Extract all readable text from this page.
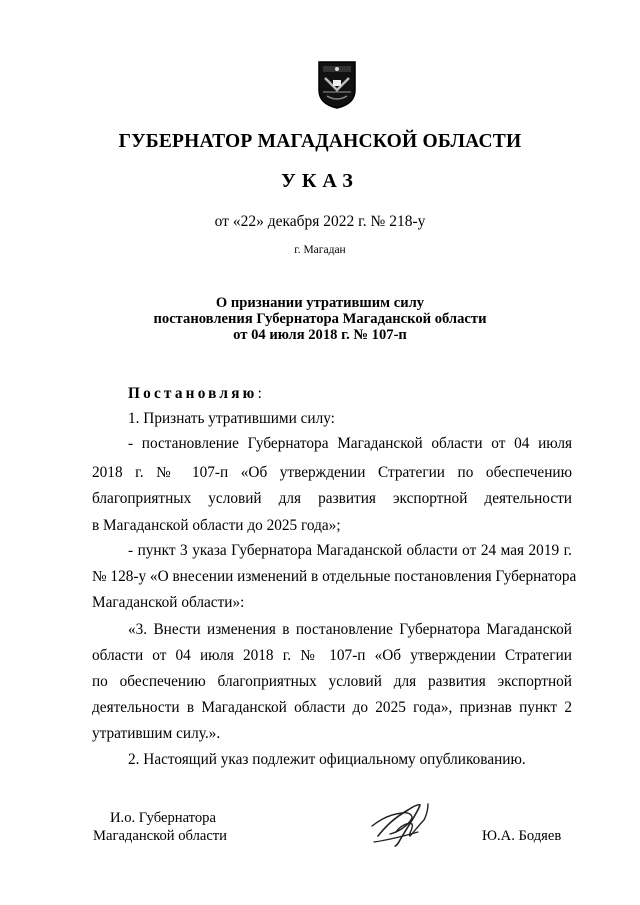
ГУБЕРНАТОР МАГАДАНСКОЙ ОБЛАСТИ
УКАЗ
от «22» декабря 2022 г. № 218-у
г. Магадан
О признании утратившим силу
постановления Губернатора Магаданской области
от 04 июля 2018 г. № 107-п
Постановляю:
1. Признать утратившими силу:
- постановление Губернатора Магаданской области от 04 июля
2018 г. № 107-п «Об утверждении Стратегии по обеспечению
благоприятных условий для развития экспортной деятельности
в Магаданской области до 2025 года»;
- пункт 3 указа Губернатора Магаданской области от 24 мая 2019 г.
№ 128-у «О внесении изменений в отдельные постановления Губернатора
Магаданской области»:
«3. Внести изменения в постановление Губернатора Магаданской
области от 04 июля 2018 г. № 107-п «Об утверждении Стратегии
по обеспечению благоприятных условий для развития экспортной
деятельности в Магаданской области до 2025 года», признав пункт 2
утратившим силу.».
2. Настоящий указ подлежит официальному опубликованию.
И.о. Губернатора
Магаданской области	Ю.А. Бодяев
